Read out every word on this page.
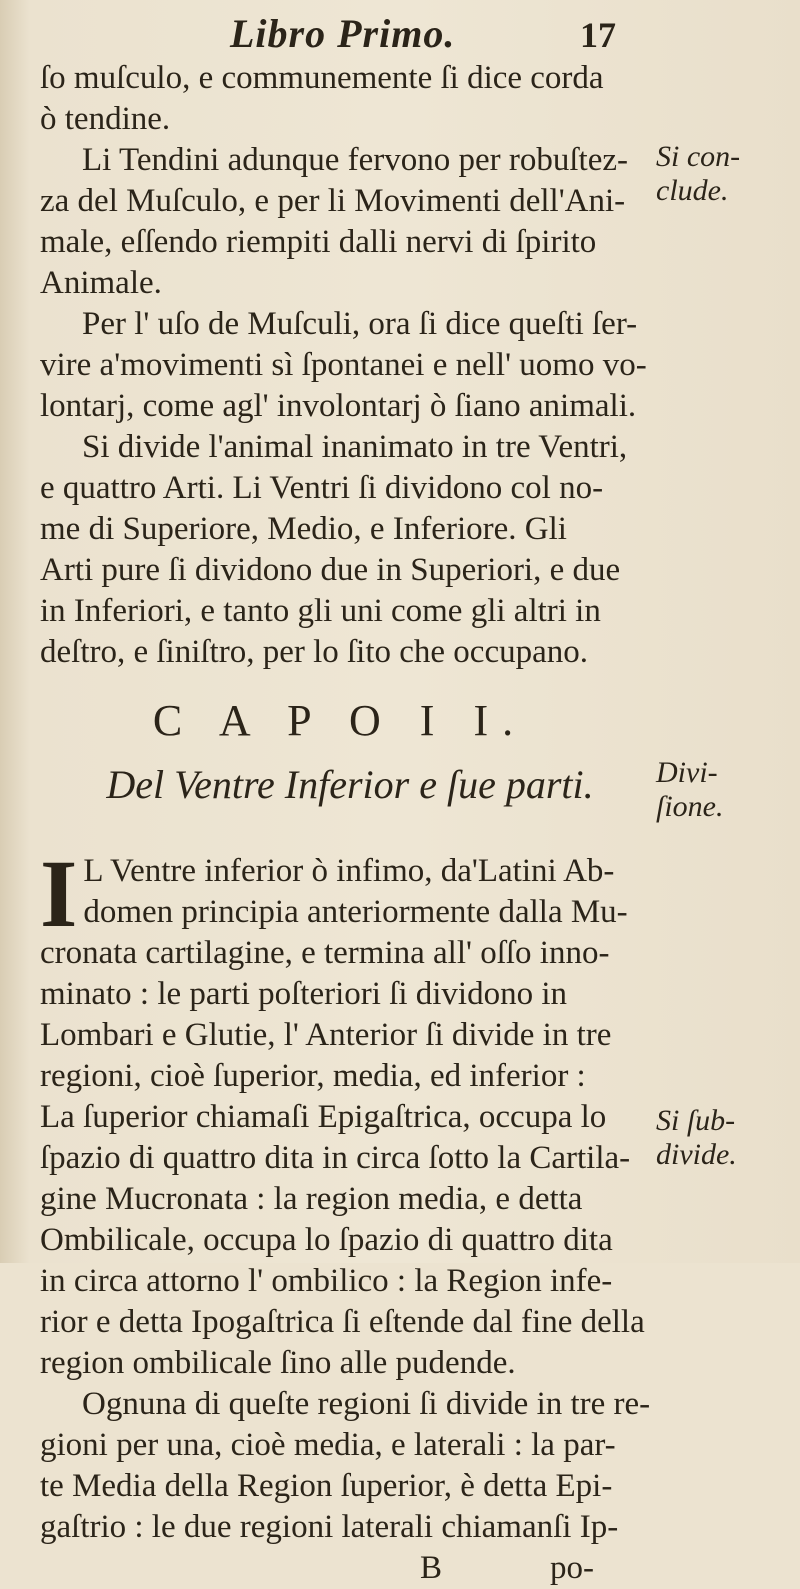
Libro Primo.	17
ſo muſculo, e communemente ſi dice corda
ò tendine.
Li Tendini adunque fervono per robuſtez-
za del Muſculo, e per li Movimenti dell'Ani-
male, eſſendo riempiti dalli nervi di ſpirito
Animale.
Per l' uſo de Muſculi, ora ſi dice queſti ſer-
vire a'movimenti sì ſpontanei e nell' uomo vo-
lontarj, come agl' involontarj ò ſiano animali.
Si divide l'animal inanimato in tre Ventri,
e quattro Arti. Li Ventri ſi dividono col no-
me di Superiore, Medio, e Inferiore. Gli
Arti pure ſi dividono due in Superiori, e due
in Inferiori, e tanto gli uni come gli altri in
deſtro, e ſiniſtro, per lo ſito che occupano.
C A P O I I.
Del Ventre Inferior e ſue parti.
I L Ventre inferior ò infimo, da'Latini Ab-
domen principia anteriormente dalla Mu-
cronata cartilagine, e termina all' oſſo inno-
minato : le parti poſteriori ſi dividono in
Lombari e Glutie, l' Anterior ſi divide in tre
regioni, cioè ſuperior, media, ed inferior :
La ſuperior chiamaſi Epigaſtrica, occupa lo
ſpazio di quattro dita in circa ſotto la Cartila-
gine Mucronata : la region media, e detta
Ombilicale, occupa lo ſpazio di quattro dita
in circa attorno l' ombilico : la Region infe-
rior e detta Ipogaſtrica ſi eſtende dal fine della
region ombilicale ſino alle pudende.
Ognuna di queſte regioni ſi divide in tre re-
gioni per una, cioè media, e laterali : la par-
te Media della Region ſuperior, è detta Epi-
gaſtrio : le due regioni laterali chiamanſi Ip-
B	po-
Si con-
clude.
Divi-
ſione.
Si ſub-
divide.
